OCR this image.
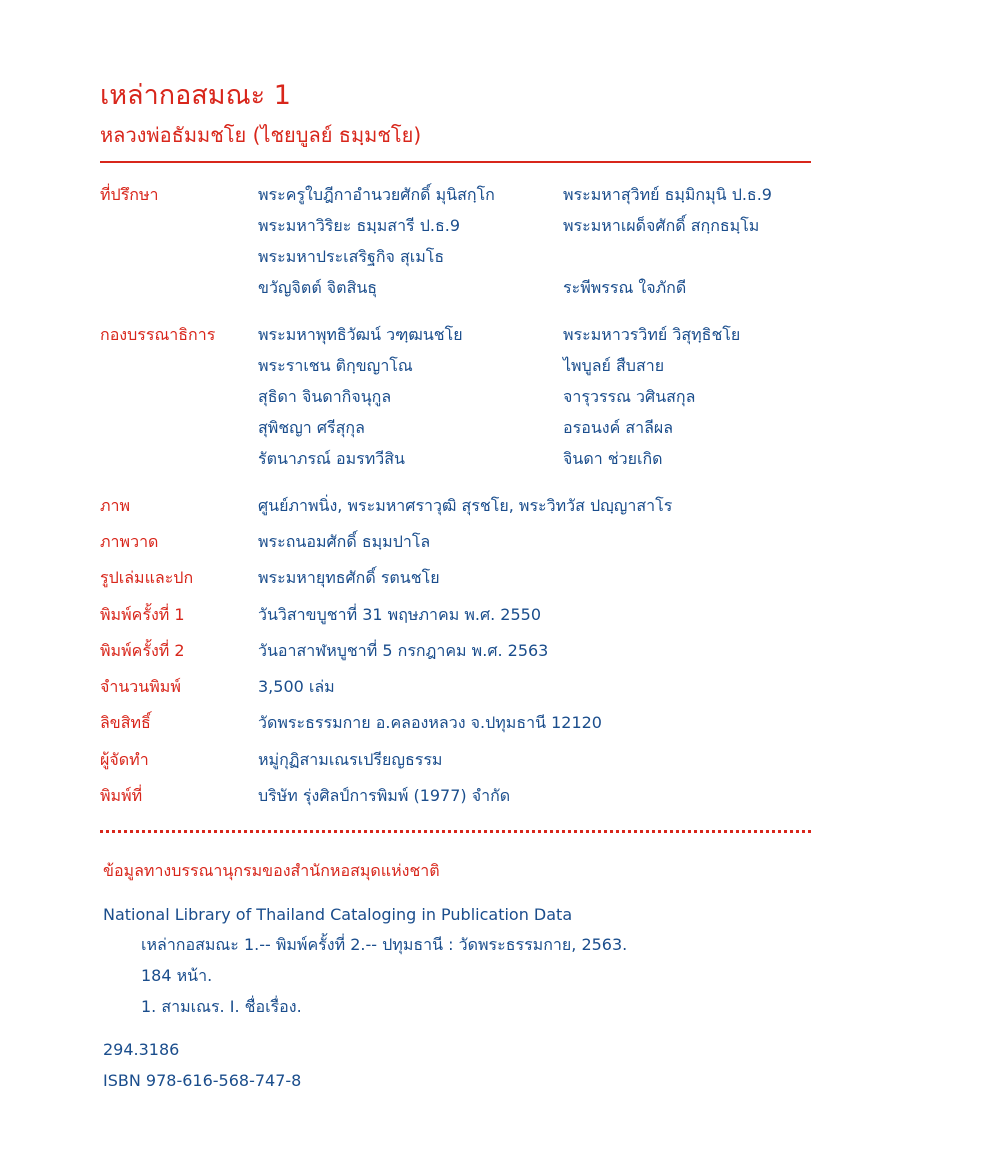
เหล่ากอสมณะ 1
หลวงพ่อธัมมชโย (ไชยบูลย์ ธมฺมชโย)
ที่ปรึกษา	พระครูใบฎีกาอำนวยศักดิ์ มุนิสกฺโก	พระมหาสุวิทย์ ธมฺมิกมุนิ ป.ธ.9
พระมหาวิริยะ ธมฺมสารี ป.ธ.9	พระมหาเผด็จศักดิ์ สกฺกธมฺโม
พระมหาประเสริฐกิจ สุเมโธ
ขวัญจิตต์ จิตสินธุ	ระพีพรรณ ใจภักดี
กองบรรณาธิการ	พระมหาพุทธิวัฒน์ วฑฺฒนชโย	พระมหาวรวิทย์ วิสุทฺธิชโย
พระราเชน ติกฺขญาโณ	ไพบูลย์ สืบสาย
สุธิดา จินดากิจนุกูล	จารุวรรณ วศินสกุล
สุพิชญา ศรีสุกุล	อรอนงค์ สาลีผล
รัตนาภรณ์ อมรทวีสิน	จินดา ช่วยเกิด
ภาพ	ศูนย์ภาพนิ่ง, พระมหาศราวุฒิ สุรชโย, พระวิทวัส ปญฺญาสาโร
ภาพวาด	พระถนอมศักดิ์ ธมฺมปาโล
รูปเล่มและปก	พระมหายุทธศักดิ์ รตนชโย
พิมพ์ครั้งที่ 1	วันวิสาขบูชาที่ 31 พฤษภาคม พ.ศ. 2550
พิมพ์ครั้งที่ 2	วันอาสาฬหบูชาที่ 5 กรกฎาคม พ.ศ. 2563
จำนวนพิมพ์	3,500 เล่ม
ลิขสิทธิ์	วัดพระธรรมกาย อ.คลองหลวง จ.ปทุมธานี 12120
ผู้จัดทำ	หมู่กุฏิสามเณรเปรียญธรรม
พิมพ์ที่	บริษัท รุ่งศิลป์การพิมพ์ (1977) จำกัด
ข้อมูลทางบรรณานุกรมของสำนักหอสมุดแห่งชาติ
National Library of Thailand Cataloging in Publication Data
เหล่ากอสมณะ 1.-- พิมพ์ครั้งที่ 2.-- ปทุมธานี : วัดพระธรรมกาย, 2563.
184 หน้า.
1. สามเณร. I. ชื่อเรื่อง.
294.3186
ISBN 978-616-568-747-8
